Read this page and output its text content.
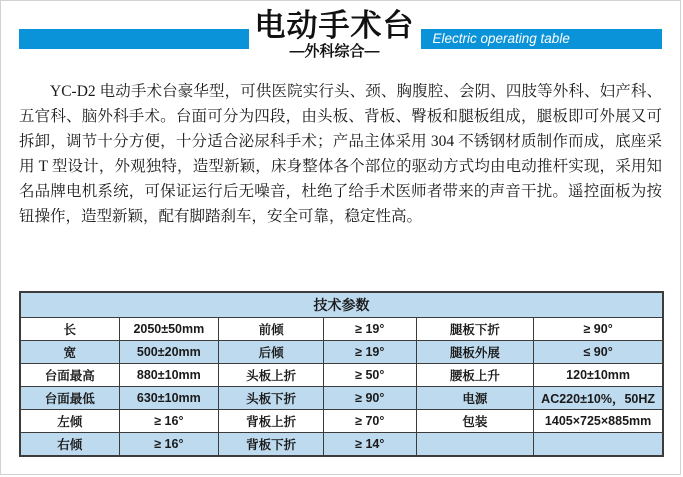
电动手术台
—外科综合—
Electric operating table

YC-D2 电动手术台豪华型，可供医院实行头、颈、胸腹腔、会阴、四肢等外科、妇产科、五官科、脑外科手术。台面可分为四段，由头板、背板、臀板和腿板组成，腿板即可外展又可拆卸，调节十分方便，十分适合泌尿科手术；产品主体采用 304 不锈钢材质制作而成，底座采用 T 型设计，外观独特，造型新颖，床身整体各个部位的驱动方式均由电动推杆实现，采用知名品牌电机系统，可保证运行后无噪音，杜绝了给手术医师者带来的声音干扰。遥控面板为按钮操作，造型新颖，配有脚踏刹车，安全可靠，稳定性高。

技术参数					
长	2050±50mm	前倾	≥ 19°	腿板下折	≥ 90°
宽	500±20mm	后倾	≥ 19°	腿板外展	≤ 90°
台面最高	880±10mm	头板上折	≥ 50°	腰板上升	120±10mm
台面最低	630±10mm	头板下折	≥ 90°	电源	AC220±10%，50HZ
左倾	≥ 16°	背板上折	≥ 70°	包装	1405×725×885mm
右倾	≥ 16°	背板下折	≥ 14°		
